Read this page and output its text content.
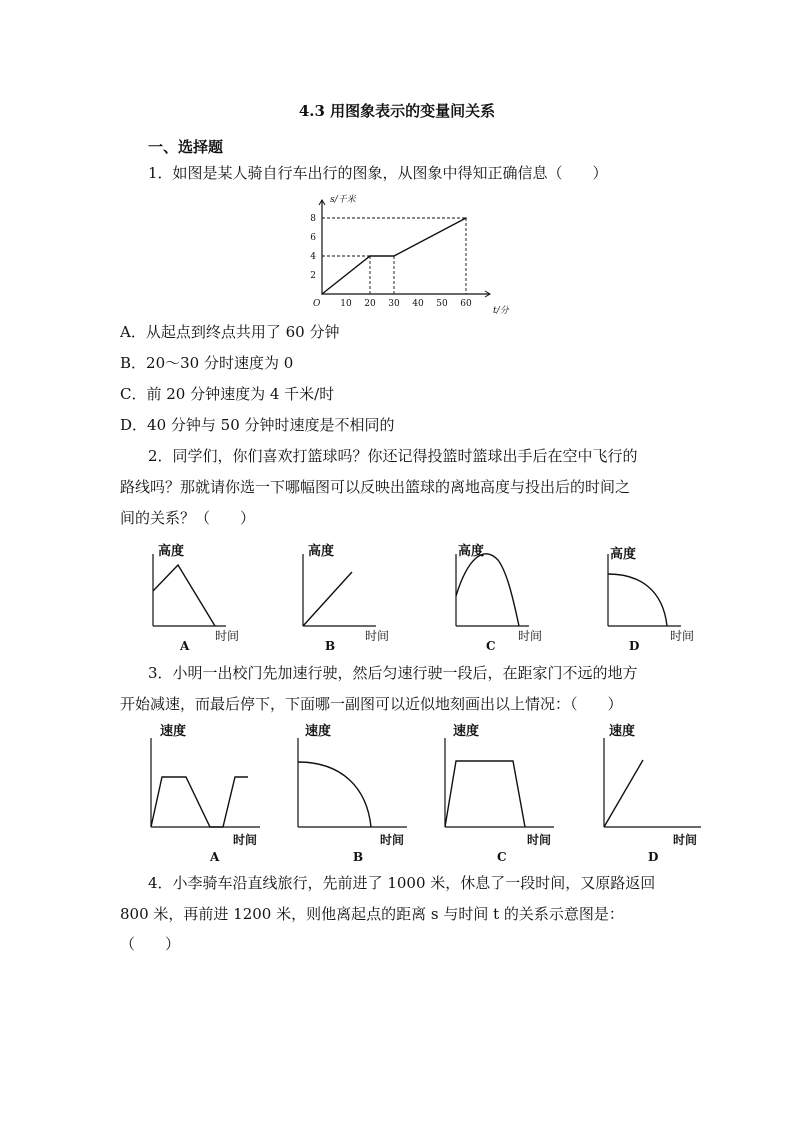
4.3 用图象表示的变量间关系
一、选择题
1．如图是某人骑自行车出行的图象，从图象中得知正确信息（　　）
s/千米
t/分
O 10 20 30 40 50 60
2
4
6
8
A．从起点到终点共用了 60 分钟
B．20～30 分时速度为 0
C．前 20 分钟速度为 4 千米/时
D．40 分钟与 50 分钟时速度是不相同的
2．同学们，你们喜欢打篮球吗？你还记得投篮时篮球出手后在空中飞行的
路线吗？那就请你选一下哪幅图可以反映出篮球的离地高度与投出后的时间之
间的关系？（　　）
高度
时间
A
高度
时间
B
高度
时间
C
高度
时间
D
3．小明一出校门先加速行驶，然后匀速行驶一段后，在距家门不远的地方
开始减速，而最后停下，下面哪一副图可以近似地刻画出以上情况：（　　）
速度
时间
A
速度
时间
B
速度
时间
C
速度
时间
D
4．小李骑车沿直线旅行，先前进了 1000 米，休息了一段时间，又原路返回
800 米，再前进 1200 米，则他离起点的距离 s 与时间 t 的关系示意图是：
（　　）
